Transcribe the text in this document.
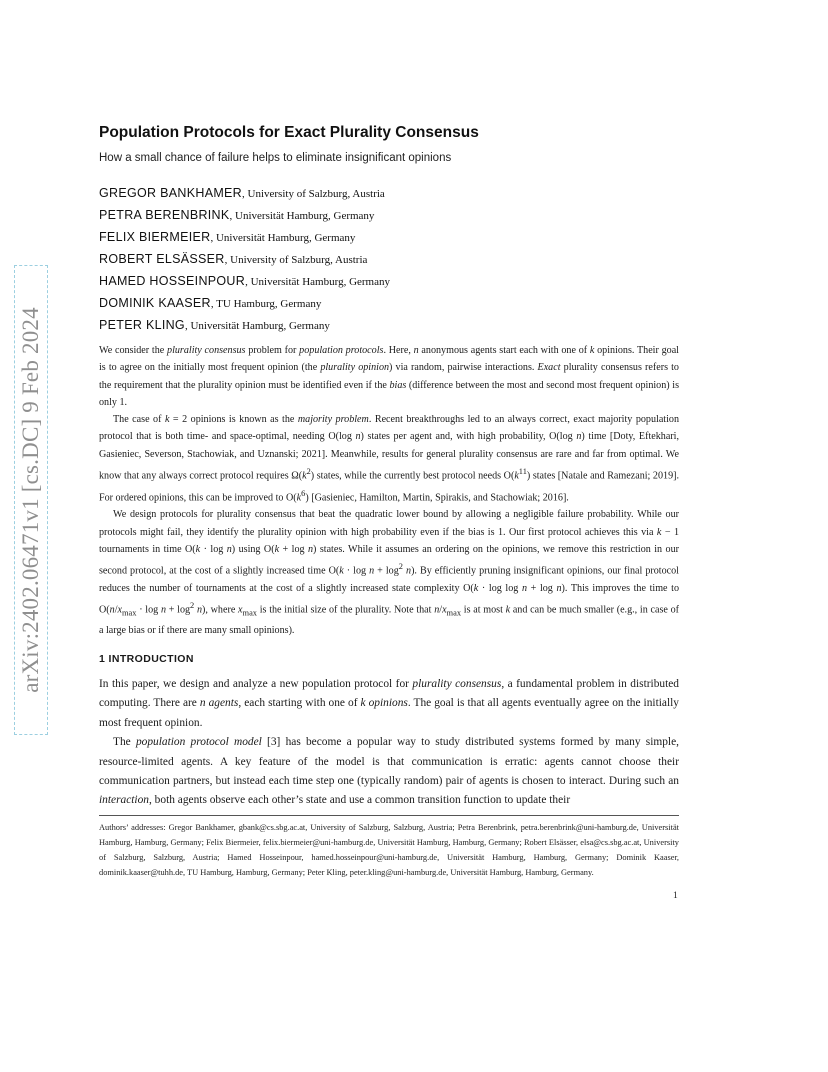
arXiv:2402.06471v1 [cs.DC] 9 Feb 2024
Population Protocols for Exact Plurality Consensus
How a small chance of failure helps to eliminate insignificant opinions
GREGOR BANKHAMER, University of Salzburg, Austria
PETRA BERENBRINK, Universität Hamburg, Germany
FELIX BIERMEIER, Universität Hamburg, Germany
ROBERT ELSÄSSER, University of Salzburg, Austria
HAMED HOSSEINPOUR, Universität Hamburg, Germany
DOMINIK KAASER, TU Hamburg, Germany
PETER KLING, Universität Hamburg, Germany

We consider the plurality consensus problem for population protocols. Here, n anonymous agents start each with one of k opinions. Their goal is to agree on the initially most frequent opinion (the plurality opinion) via random, pairwise interactions. Exact plurality consensus refers to the requirement that the plurality opinion must be identified even if the bias (difference between the most and second most frequent opinion) is only 1.

The case of k = 2 opinions is known as the majority problem. Recent breakthroughs led to an always correct, exact majority population protocol that is both time- and space-optimal, needing O(log n) states per agent and, with high probability, O(log n) time [Doty, Eftekhari, Gasieniec, Severson, Stachowiak, and Uznanski; 2021]. Meanwhile, results for general plurality consensus are rare and far from optimal. We know that any always correct protocol requires $\Omega(k^2)$ states, while the currently best protocol needs $O(k^{11})$ states [Natale and Ramezani; 2019]. For ordered opinions, this can be improved to $O(k^6)$ [Gasieniec, Hamilton, Martin, Spirakis, and Stachowiak; 2016].

We design protocols for plurality consensus that beat the quadratic lower bound by allowing a negligible failure probability. While our protocols might fail, they identify the plurality opinion with high probability even if the bias is 1. Our first protocol achieves this via k − 1 tournaments in time O(k · log n) using O(k + log n) states. While it assumes an ordering on the opinions, we remove this restriction in our second protocol, at the cost of a slightly increased time $O(k \cdot \log n + \log^2 n)$. By efficiently pruning insignificant opinions, our final protocol reduces the number of tournaments at the cost of a slightly increased state complexity O(k · log log n + log n). This improves the time to $O(n/x_{max} \cdot \log n + \log^2 n)$, where $x_{max}$ is the initial size of the plurality. Note that $n/x_{max}$ is at most k and can be much smaller (e.g., in case of a large bias or if there are many small opinions).

1 INTRODUCTION

In this paper, we design and analyze a new population protocol for plurality consensus, a fundamental problem in distributed computing. There are n agents, each starting with one of k opinions. The goal is that all agents eventually agree on the initially most frequent opinion.

The population protocol model [3] has become a popular way to study distributed systems formed by many simple, resource-limited agents. A key feature of the model is that communication is erratic: agents cannot choose their communication partners, but instead each time step one (typically random) pair of agents is chosen to interact. During such an interaction, both agents observe each other’s state and use a common transition function to update their

Authors’ addresses: Gregor Bankhamer, gbank@cs.sbg.ac.at, University of Salzburg, Salzburg, Austria; Petra Berenbrink, petra.berenbrink@uni-hamburg.de, Universität Hamburg, Hamburg, Germany; Felix Biermeier, felix.biermeier@uni-hamburg.de, Universität Hamburg, Hamburg, Germany; Robert Elsässer, elsa@cs.sbg.ac.at, University of Salzburg, Salzburg, Austria; Hamed Hosseinpour, hamed.hosseinpour@uni-hamburg.de, Universität Hamburg, Hamburg, Germany; Dominik Kaaser, dominik.kaaser@tuhh.de, TU Hamburg, Hamburg, Germany; Peter Kling, peter.kling@uni-hamburg.de, Universität Hamburg, Hamburg, Germany.
1
